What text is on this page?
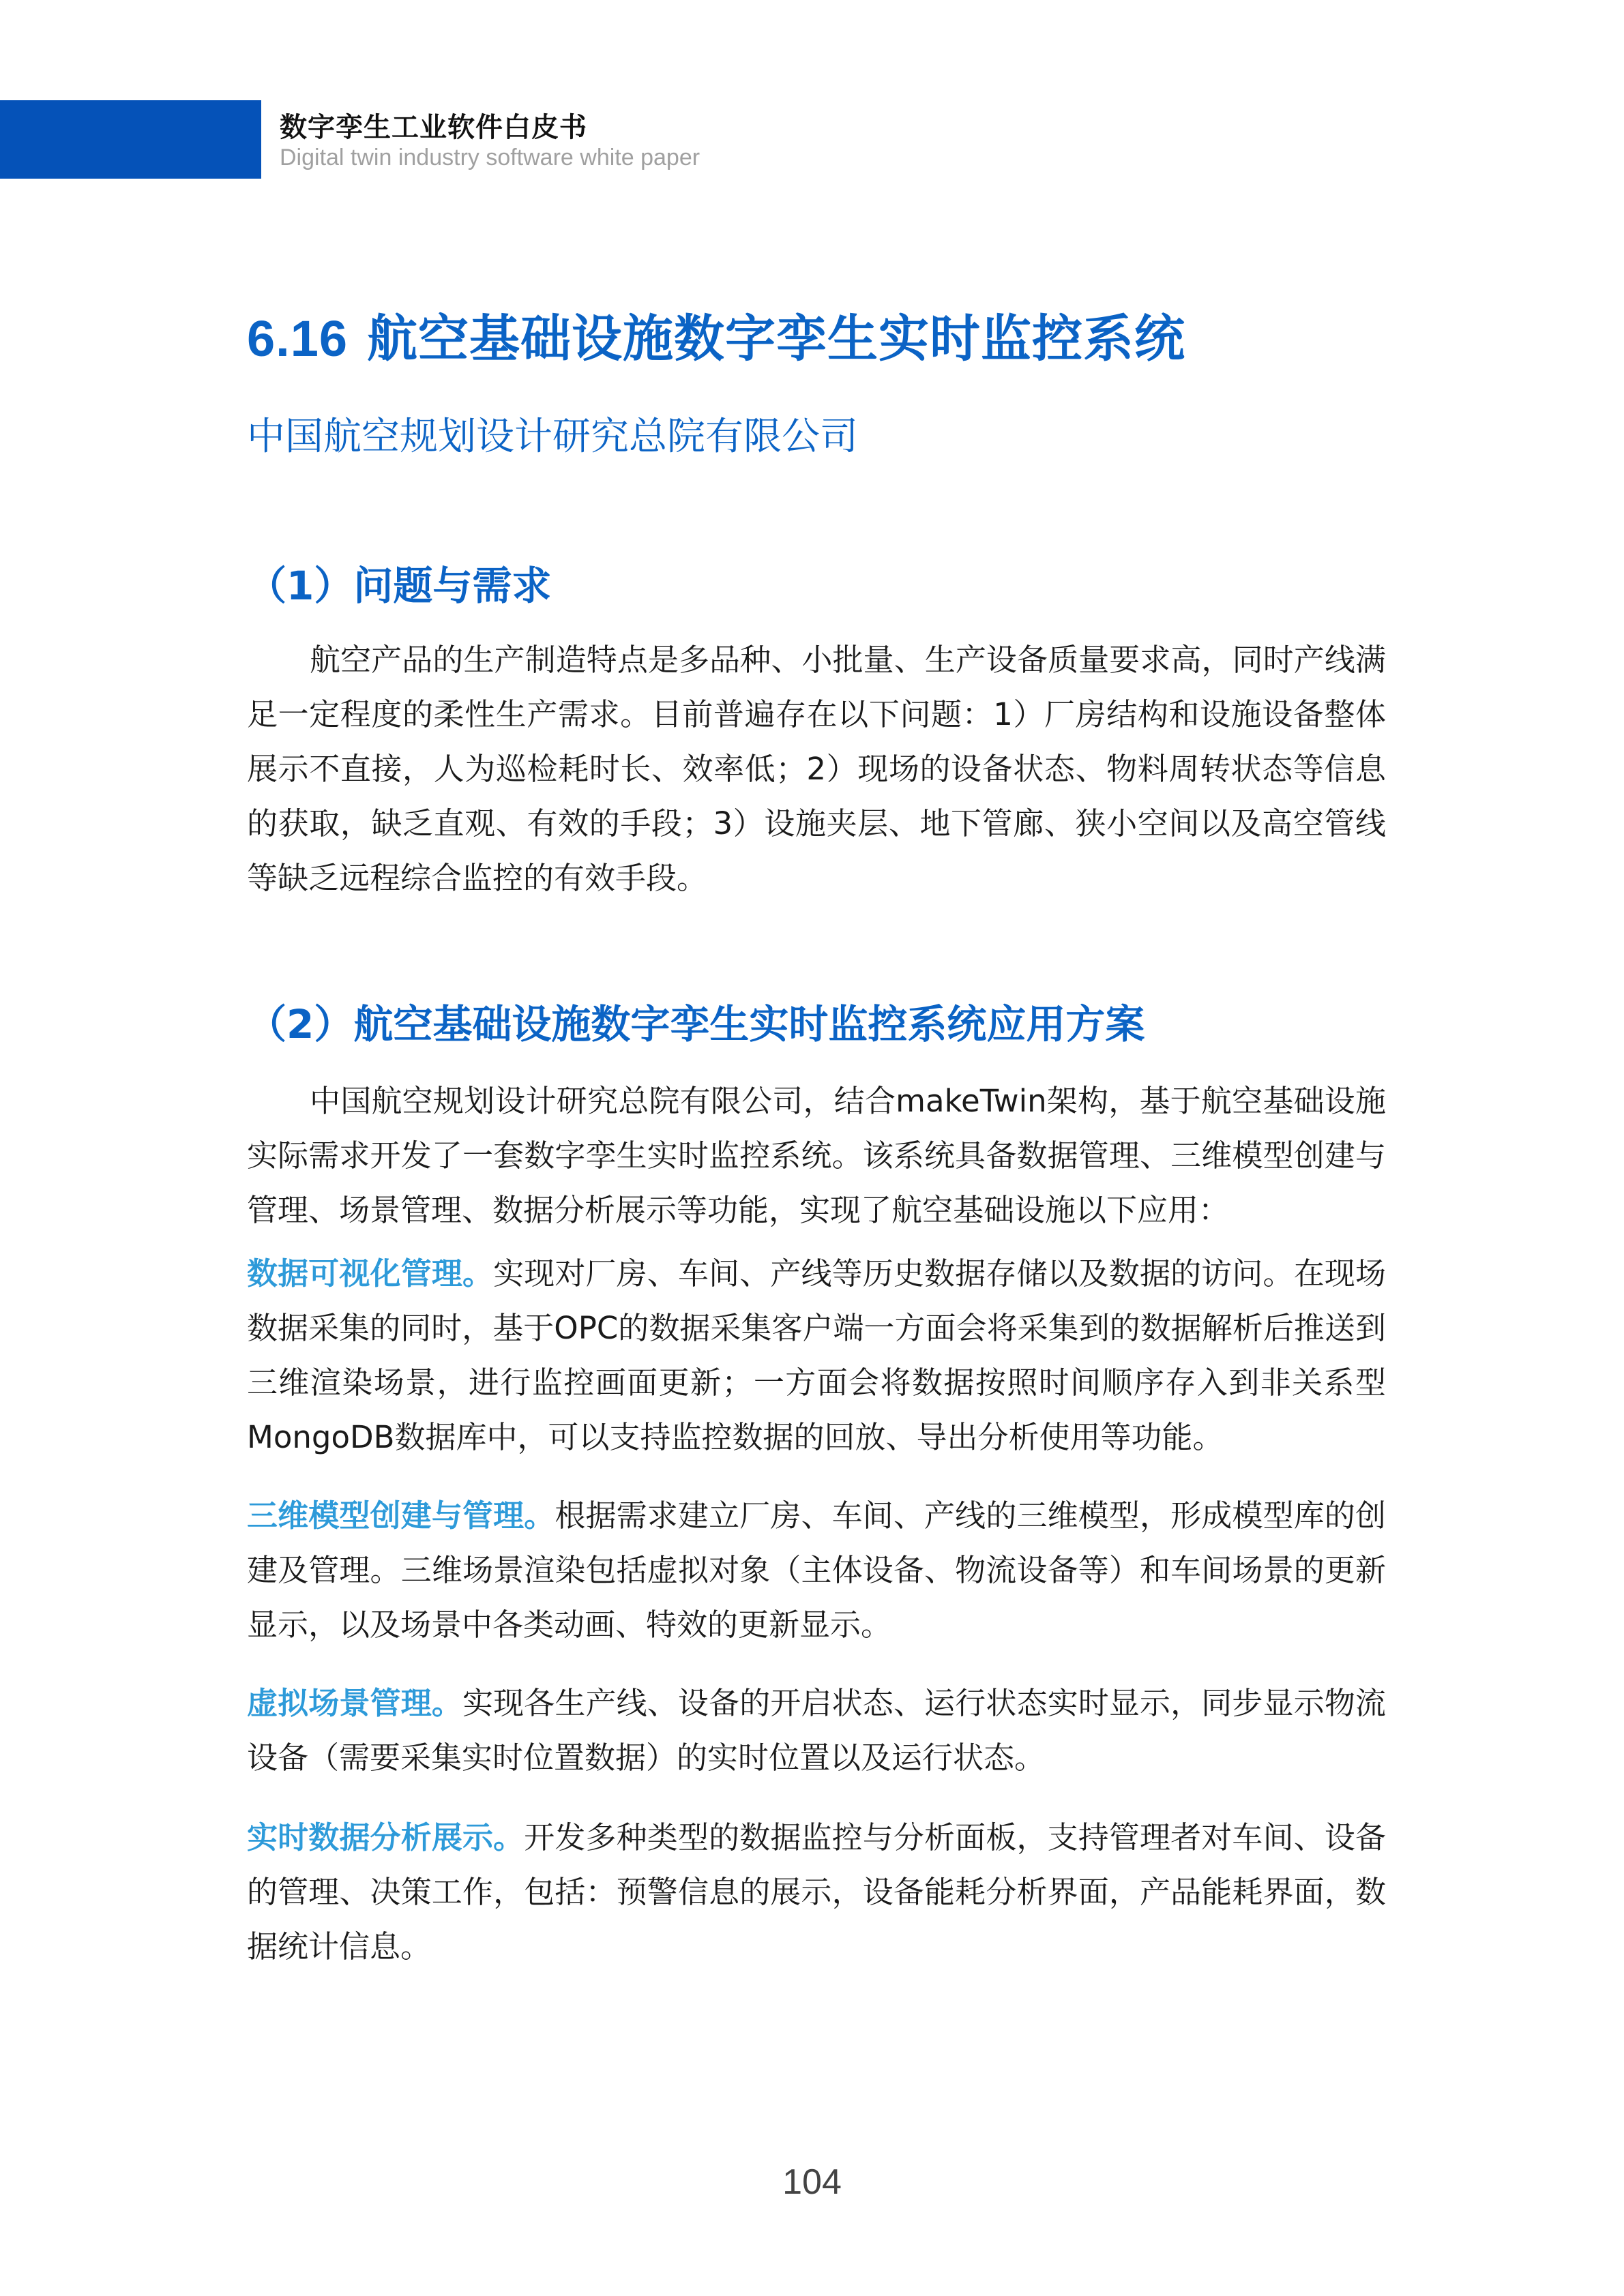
数字孪生工业软件白皮书
Digital twin industry software white paper
6.16 航空基础设施数字孪生实时监控系统
中国航空规划设计研究总院有限公司
（1）问题与需求
航空产品的生产制造特点是多品种、小批量、生产设备质量要求高，同时产线满足一定程度的柔性生产需求。目前普遍存在以下问题：1）厂房结构和设施设备整体展示不直接，人为巡检耗时长、效率低；2）现场的设备状态、物料周转状态等信息的获取，缺乏直观、有效的手段；3）设施夹层、地下管廊、狭小空间以及高空管线等缺乏远程综合监控的有效手段。
（2）航空基础设施数字孪生实时监控系统应用方案
中国航空规划设计研究总院有限公司，结合makeTwin架构，基于航空基础设施实际需求开发了一套数字孪生实时监控系统。该系统具备数据管理、三维模型创建与管理、场景管理、数据分析展示等功能，实现了航空基础设施以下应用：
数据可视化管理。实现对厂房、车间、产线等历史数据存储以及数据的访问。在现场数据采集的同时，基于OPC的数据采集客户端一方面会将采集到的数据解析后推送到三维渲染场景，进行监控画面更新；一方面会将数据按照时间顺序存入到非关系型MongoDB数据库中，可以支持监控数据的回放、导出分析使用等功能。
三维模型创建与管理。根据需求建立厂房、车间、产线的三维模型，形成模型库的创建及管理。三维场景渲染包括虚拟对象（主体设备、物流设备等）和车间场景的更新显示，以及场景中各类动画、特效的更新显示。
虚拟场景管理。实现各生产线、设备的开启状态、运行状态实时显示，同步显示物流设备（需要采集实时位置数据）的实时位置以及运行状态。
实时数据分析展示。开发多种类型的数据监控与分析面板，支持管理者对车间、设备的管理、决策工作，包括：预警信息的展示，设备能耗分析界面，产品能耗界面，数据统计信息。
104
